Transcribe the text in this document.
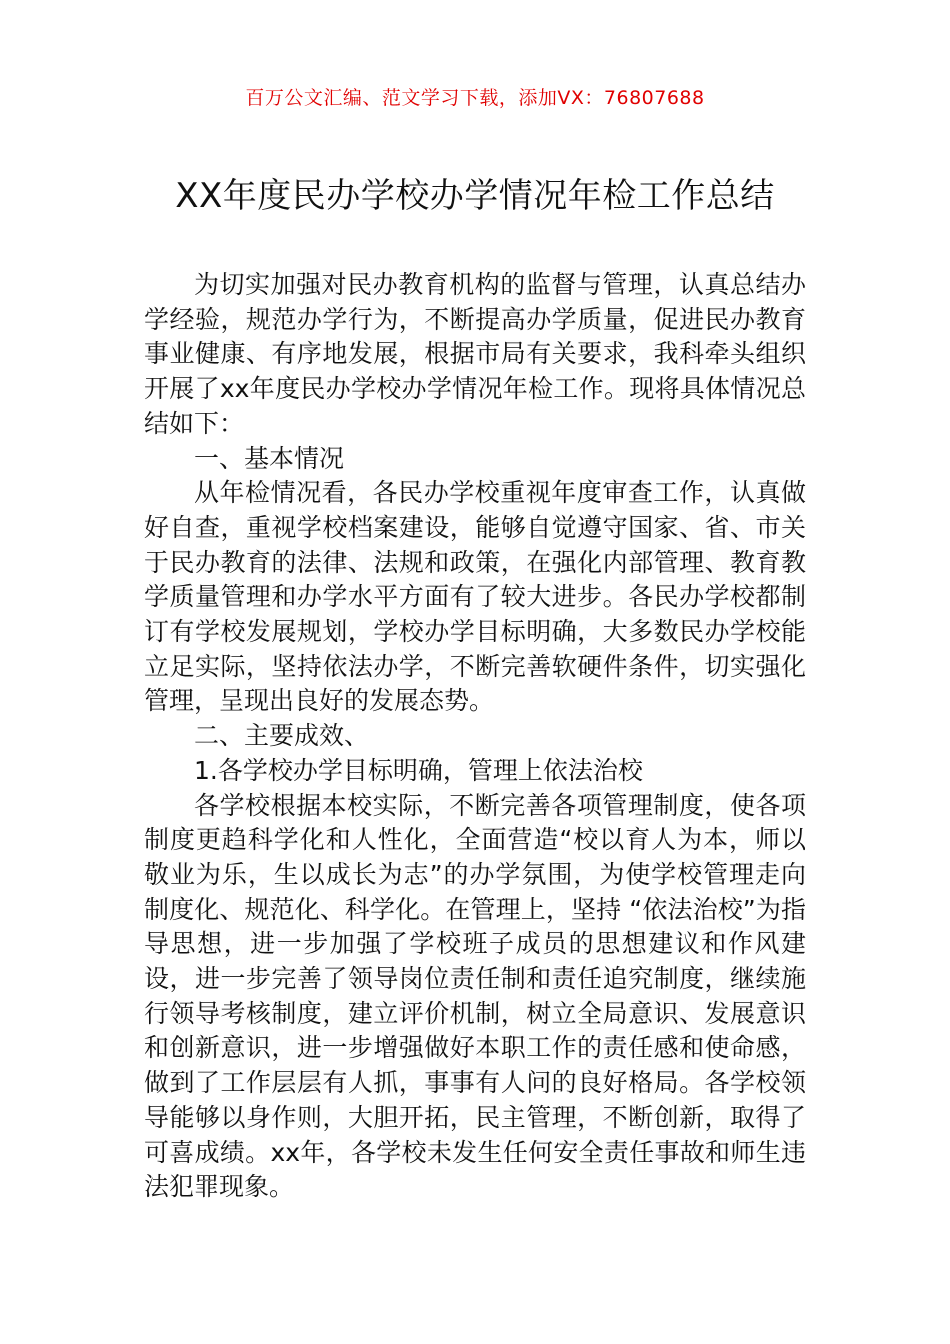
百万公文汇编、范文学习下载，添加VX：76807688
XX年度民办学校办学情况年检工作总结

为切实加强对民办教育机构的监督与管理，认真总结办学经验，规范办学行为，不断提高办学质量，促进民办教育事业健康、有序地发展，根据市局有关要求，我科牵头组织开展了xx年度民办学校办学情况年检工作。现将具体情况总结如下：

一、基本情况

从年检情况看，各民办学校重视年度审查工作，认真做好自查，重视学校档案建设，能够自觉遵守国家、省、市关于民办教育的法律、法规和政策，在强化内部管理、教育教学质量管理和办学水平方面有了较大进步。各民办学校都制订有学校发展规划，学校办学目标明确，大多数民办学校能立足实际，坚持依法办学，不断完善软硬件条件，切实强化管理，呈现出良好的发展态势。

二、主要成效、

1.各学校办学目标明确，管理上依法治校

各学校根据本校实际，不断完善各项管理制度，使各项制度更趋科学化和人性化，全面营造“校以育人为本，师以敬业为乐，生以成长为志”的办学氛围，为使学校管理走向制度化、规范化、科学化。在管理上，坚持 “依法治校”为指导思想，进一步加强了学校班子成员的思想建议和作风建设，进一步完善了领导岗位责任制和责任追究制度，继续施行领导考核制度，建立评价机制，树立全局意识、发展意识和创新意识，进一步增强做好本职工作的责任感和使命感，做到了工作层层有人抓，事事有人问的良好格局。各学校领导能够以身作则，大胆开拓，民主管理，不断创新，取得了可喜成绩。xx年，各学校未发生任何安全责任事故和师生违法犯罪现象。
